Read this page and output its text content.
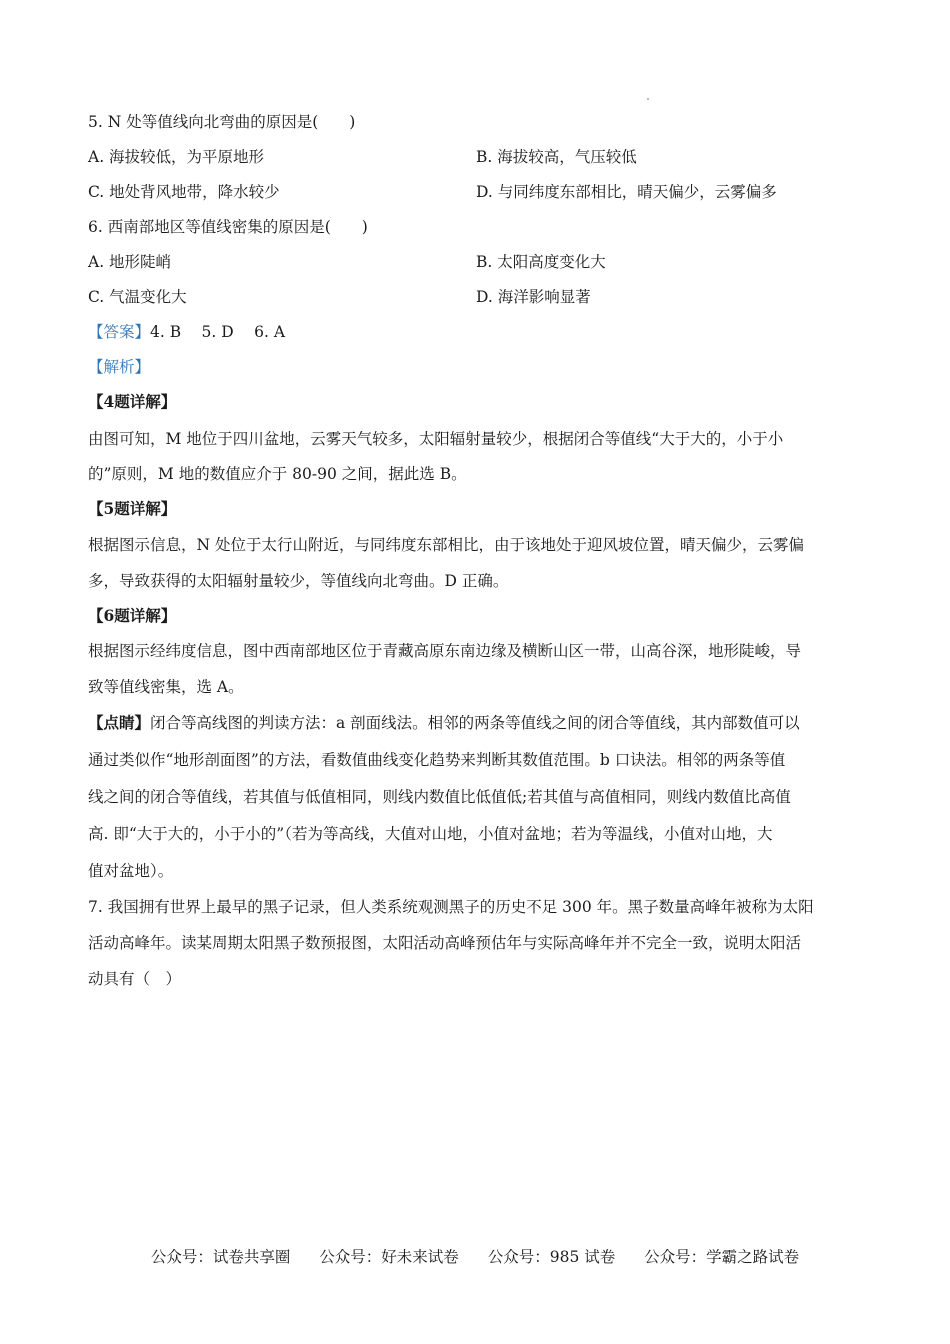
5. N 处等值线向北弯曲的原因是(　　)
A. 海拔较低，为平原地形	B. 海拔较高，气压较低
C. 地处背风地带，降水较少	D. 与同纬度东部相比，晴天偏少，云雾偏多
6. 西南部地区等值线密集的原因是(　　)
A. 地形陡峭	B. 太阳高度变化大
C. 气温变化大	D. 海洋影响显著
【答案】4. B　 5. D　 6. A
【解析】
【4题详解】
由图可知，M 地位于四川盆地，云雾天气较多，太阳辐射量较少，根据闭合等值线“大于大的，小于小
的”原则，M 地的数值应介于 80-90 之间，据此选 B。
【5题详解】
根据图示信息，N 处位于太行山附近，与同纬度东部相比，由于该地处于迎风坡位置，晴天偏少，云雾偏
多，导致获得的太阳辐射量较少，等值线向北弯曲。D 正确。
【6题详解】
根据图示经纬度信息，图中西南部地区位于青藏高原东南边缘及横断山区一带，山高谷深，地形陡峻，导
致等值线密集，选 A。
【点睛】闭合等高线图的判读方法：a 剖面线法。相邻的两条等值线之间的闭合等值线，其内部数值可以
通过类似作“地形剖面图”的方法，看数值曲线变化趋势来判断其数值范围。b 口诀法。相邻的两条等值
线之间的闭合等值线，若其值与低值相同，则线内数值比低值低;若其值与高值相同，则线内数值比高值
高. 即“大于大的，小于小的”（若为等高线，大值对山地，小值对盆地；若为等温线，小值对山地，大
值对盆地）。
7. 我国拥有世界上最早的黑子记录，但人类系统观测黑子的历史不足 300 年。黑子数量高峰年被称为太阳
活动高峰年。读某周期太阳黑子数预报图，太阳活动高峰预估年与实际高峰年并不完全一致，说明太阳活
动具有（　）
公众号：试卷共享圈 公众号：好未来试卷 公众号：985 试卷 公众号：学霸之路试卷
